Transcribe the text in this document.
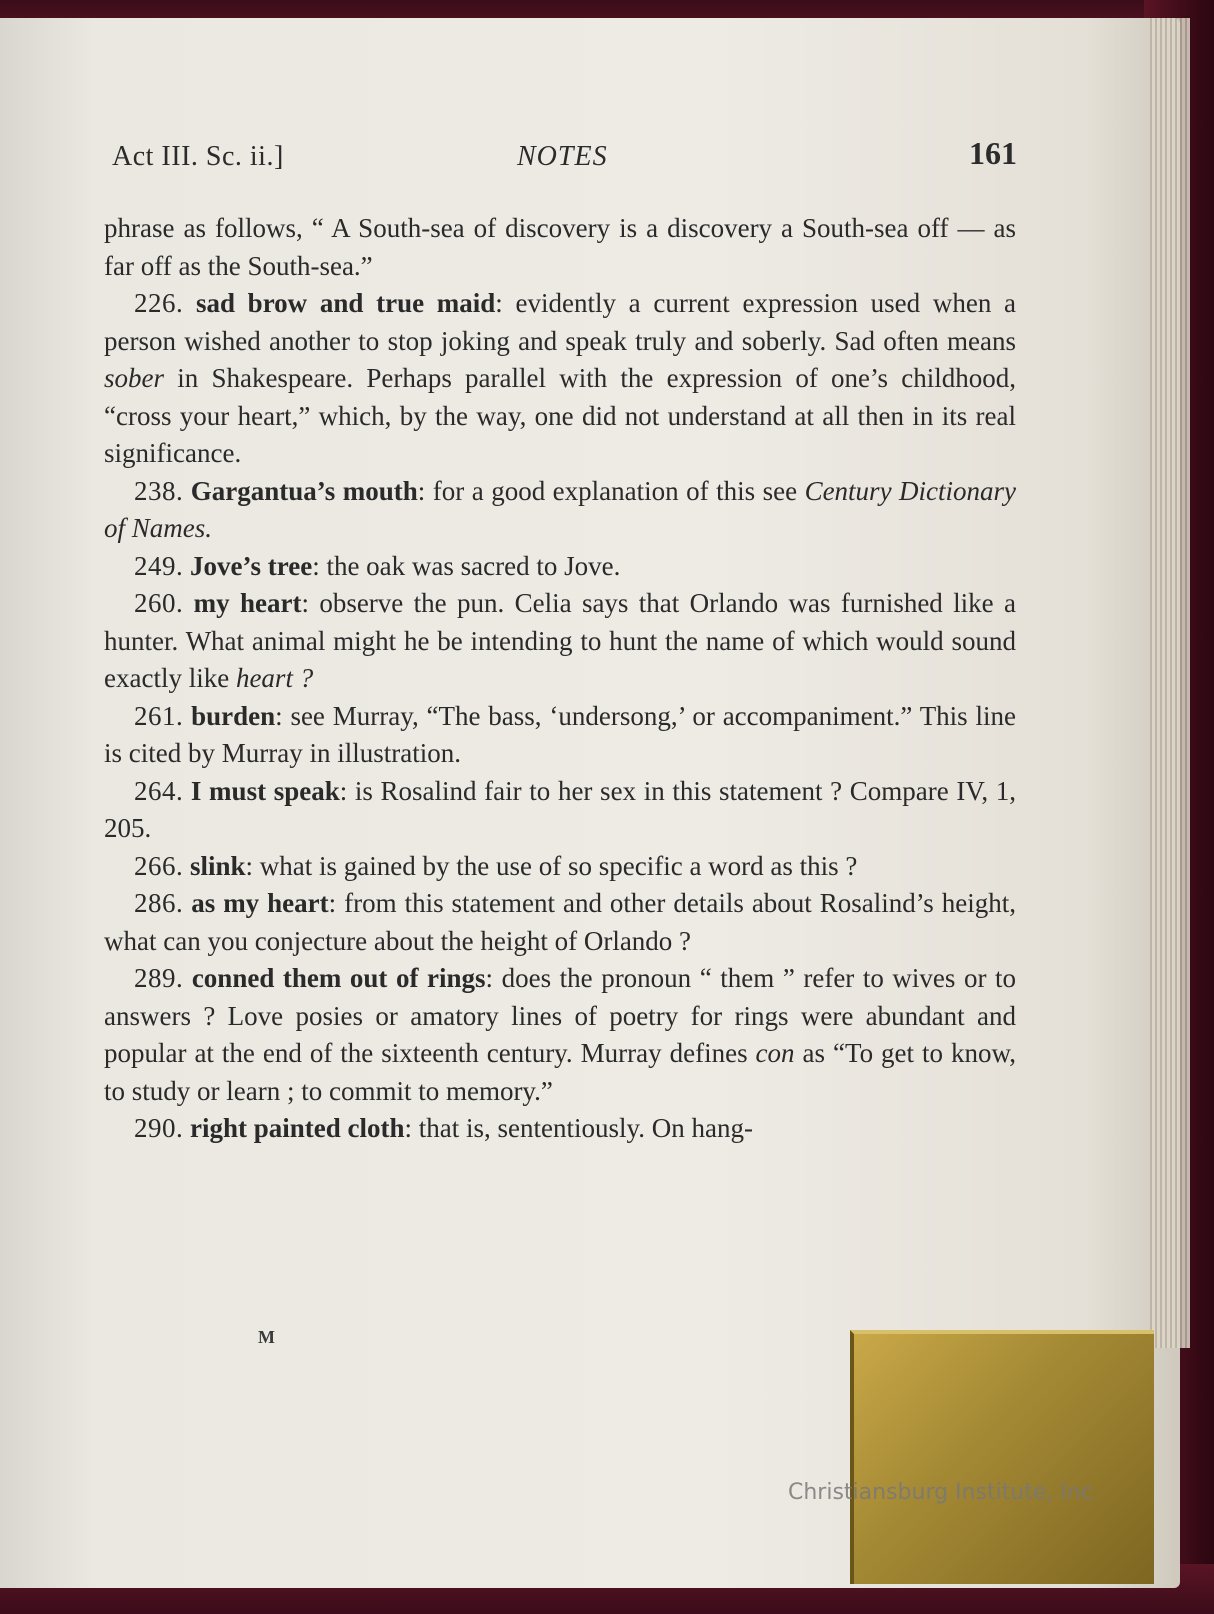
Act III. Sc. ii.]	NOTES	161

phrase as follows, “ A South-sea of discovery is a discovery a South-sea off — as far off as the South-sea.”

226. sad brow and true maid: evidently a current expression used when a person wished another to stop joking and speak truly and soberly. Sad often means sober in Shakespeare. Perhaps parallel with the expression of one’s childhood, “cross your heart,” which, by the way, one did not understand at all then in its real significance.

238. Gargantua’s mouth: for a good explanation of this see Century Dictionary of Names.

249. Jove’s tree: the oak was sacred to Jove.

260. my heart: observe the pun. Celia says that Orlando was furnished like a hunter. What animal might he be intending to hunt the name of which would sound exactly like heart ?

261. burden: see Murray, “The bass, ‘undersong,’ or accompaniment.” This line is cited by Murray in illustration.

264. I must speak: is Rosalind fair to her sex in this statement ? Compare IV, 1, 205.

266. slink: what is gained by the use of so specific a word as this ?

286. as my heart: from this statement and other details about Rosalind’s height, what can you conjecture about the height of Orlando ?

289. conned them out of rings: does the pronoun “ them ” refer to wives or to answers ? Love posies or amatory lines of poetry for rings were abundant and popular at the end of the sixteenth century. Murray defines con as “To get to know, to study or learn ; to commit to memory.”

290. right painted cloth: that is, sententiously. On hang-

M
Christiansburg Institute, Inc
